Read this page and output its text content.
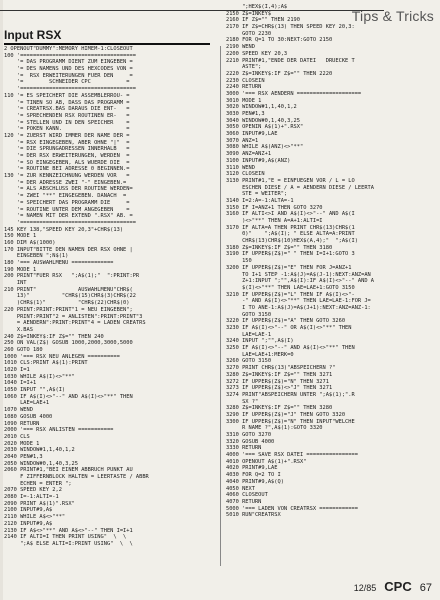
Tips & Tricks
Input RSX
2 OPENOUT"DUMMY":MEMORY HIMEM-1:CLOSEOUT
100 '====================================
'= DAS PROGRAMM DIENT ZUM EINGEBEN =
'= DES NAMENS UND DES HEXCODES VON =
'=  RSX ERWEITERUNGEN FUER DEN     =
'=        SCHNEIDER CPC           =
'====================================
110 '= ES SPEICHERT DIE ASSEMBLERROU- =
'= TINEN SO AB, DASS DAS PROGRAMM =
'= CREATRSX.BAS DARAUS DIE ENT-   =
'= SPRECHENDEN RSX ROUTINEN ER-   =
'= STELLEN UND IN DEN SPEICHER    =
'= POKEN KANN.                    =
120 '= ZUERST WIRD IMMER DER NAME DER =
'= RSX EINGEGEBEN, ABER OHNE "|"  =
'= DIE SPRUNGADRESSEN INNERHALB   =
'= DER RSX ERWEITERUNGEN, WERDEN  =
'= SO EINGEGEBEN, ALS WUERDE DIE  =
'= ROUTINE BEI ADRESSE 0 BEGINNEN.=
130 '= ZUR KENNZEICHNUNG WERDEN VOR   =
'= DER ADRESSE ZWEI "-" EINGEBEN.=
'= ALS ABSCHLUSS DER ROUTINE WERDEN=
'= ZWEI "**" EINGEGEBEN. DANACH  =
'= SPEICHERT DAS PROGRAMM DIE     =
'= ROUTINE UNTER DEM ANGEGEBEN    =
'= NAMEN MIT DER EXTEND ".RSX" AB. =
'====================================
145 KEY 138,"SPEED KEY 20,3"+CHR$(13)
150 MODE 1
160 DIM A$(1000)
170 INPUT"BITTE DEN NAMEN DER RSX OHNE |
EINGEBEN ";N$(1)
180 '=== AUSWAHLMENU =============
190 MODE 1
200 PRINT"FUER RSX   ";A$(1);"  ":PRINT:PR
INT
210 PRINT"             AUSWAHLMENU"CHR$(
13)"          "CHR$(15)CHR$(3)CHR$(22
)CHR$(1)"          "CHR$(22)CHR$(0)
220 PRINT:PRINT:PRINT"1 = NEU EINGEBEN";
PRINT:PRINT"2 = ANLISTEN":PRINT:PRINT"3
= AENDERN":PRINT:PRINT"4 = LADEN CREATRS
X.BAS
240 Z$=INKEY$:IF Z$="" THEN 240
250 ON VAL(Z$) GOSUB 1000,2000,3000,5000
260 GOTO 180
1000 '=== RSX NEU ANLEGEN ==========
1010 CLS:PRINT A$(1):PRINT
1020 I=1
1030 WHILE A$(I)<>"**"
1040 I=I+1
1050 INPUT "",A$(I)
1060 IF A$(I)<>"--" AND A$(I)<>"**" THEN
LAE=LAE+1
1070 WEND
1080 GOSUB 4000
1090 RETURN
2000 '=== RSX ANLISTEN ===========
2010 CLS
2020 MODE 1
2030 WINDOW#1,1,40,1,2
2040 PEN#1,3
2050 WINDOW#0,1,40,3,25
2060 PRINT#1,"BEI EINEM ABBRUCH PUNKT AU
F ZIFFERNBLOCK HALTEN = LEERTASTE / ABBR
ECHEN = ENTER ";
2070 SPEED KEY 2,2
2080 I=-1:ALTI=-1
2090 PRINT A$(1)".RSX"
2100 INPUT#9,A$
2110 WHILE A$<>"**"
2120 INPUT#9,A$
2130 IF A$<>"**" AND A$<>"--" THEN I=I+1
2140 IF ALTI=I THEN PRINT USING"  \  \
";A$ ELSE ALTI=I:PRINT USING"  \  \
";HEX$(I,4);A$
2150 Z$=INKEY$
2160 IF Z$="" THEN 2190
2170 IF Z$=CHR$(13) THEN SPEED KEY 20,3:
GOTO 2230
2180 FOR Q=1 TO 30:NEXT:GOTO 2150
2190 WEND
2200 SPEED KEY 20,3
2210 PRINT#1,"ENDE DER DATEI   DRUECKE T
ASTE";
2220 Z$=INKEY$:IF Z$="" THEN 2220
2230 CLOSEIN
2240 RETURN
3000 '=== RSX AENDERN ====================
3010 MODE 1
3020 WINDOW#1,1,40,1,2
3030 PEN#1,3
3040 WINDOW#0,1,40,3,25
3050 OPENIN A$(1)+".RSX"
3060 INPUT#9,LAE
3070 ANZ=1
3080 WHILE A$(ANZ)<>"**"
3090 ANZ=ANZ+1
3100 INPUT#9,A$(ANZ)
3110 WEND
3120 CLOSEIN
3130 PRINT#1,"E = EINFUEGEN VOR / L = LO
ESCHEN DIESE / A = AENDERN DIESE / LEERTA
STE = WEITER";
3140 I=2:A=-1:ALTA=-1
3150 IF I=ANZ+1 THEN GOTO 3270
3160 IF ALTI<>I AND A$(I)<>"--" AND A$(I
)<>"**" THEN A=A+1:ALTI=I
3170 IF ALTA=A THEN PRINT CHR$(13)CHR$(1
0)"    ";A$(I); " ELSE ALTA=A:PRINT
CHR$(13)CHR$(10)HEX$(A,4);"  ";A$(I)
3180 Z$=INKEY$:IF Z$="" THEN 3180
3190 IF UPPER$(Z$)=" " THEN I=I+1:GOTO 3
150
3200 IF UPPER$(Z$)="E" THEN FOR J=ANZ+1
TO I+1 STEP -1:A$(J)=A$(J-1):NEXT:ANZ=AN
Z+1:INPUT ";"",A$(I):IF A$(I)<>"--" AND A
$(I)<>"**" THEN LAE=LAE+1:GOTO 3150
3210 IF UPPER$(Z$)="L" THEN IF A$(I)<>"-
-" AND A$(I)<>"**" THEN LAE=LAE-1:FOR J=
I TO ANE-1:A$(J)=A$(J+1):NEXT:ANZ=ANZ-1:
GOTO 3150
3220 IF UPPER$(Z$)="A" THEN GOTO 3260
3230 IF A$(I)<>"--" OR A$(I)<>"**" THEN
LAE=LAE-1
3240 INPUT ";"",A$(I)
3250 IF A$(I)<>"--" AND A$(I)<>"**" THEN
LAE=LAE+1:MERK=0
3260 GOTO 3150
3270 PRINT CHR$(13)"ABSPEICHERN ?"
3280 Z$=INKEY$:IF Z$="" THEN 3271
3272 IF UPPER$(Z$)="N" THEN 3271
3273 IF UPPER$(Z$)<>"J" THEN 3271
3274 PRINT"ABSPEICHERN UNTER ";A$(1);".R
SX ?"
3280 Z$=INKEY$:IF Z$="" THEN 3280
3290 IF UPPER$(Z$)="J" THEN GOTO 3320
3300 IF UPPER$(Z$)="N" THEN INPUT"WELCHE
R NAME ?",A$(1):GOTO 3320
3310 GOTO 3270
3320 GOSUB 4000
3330 RETURN
4000 '=== SAVE RSX DATEI ================
4010 OPENOUT A$(1)+".RSX"
4020 PRINT#9,LAE
4030 FOR Q=2 TO I
4040 PRINT#9,A$(Q)
4050 NEXT
4060 CLOSEOUT
4070 RETURN
5000 '=== LADEN VON CREATRSX ============
5010 RUN"CREATRSX
12/85 CPC 67
